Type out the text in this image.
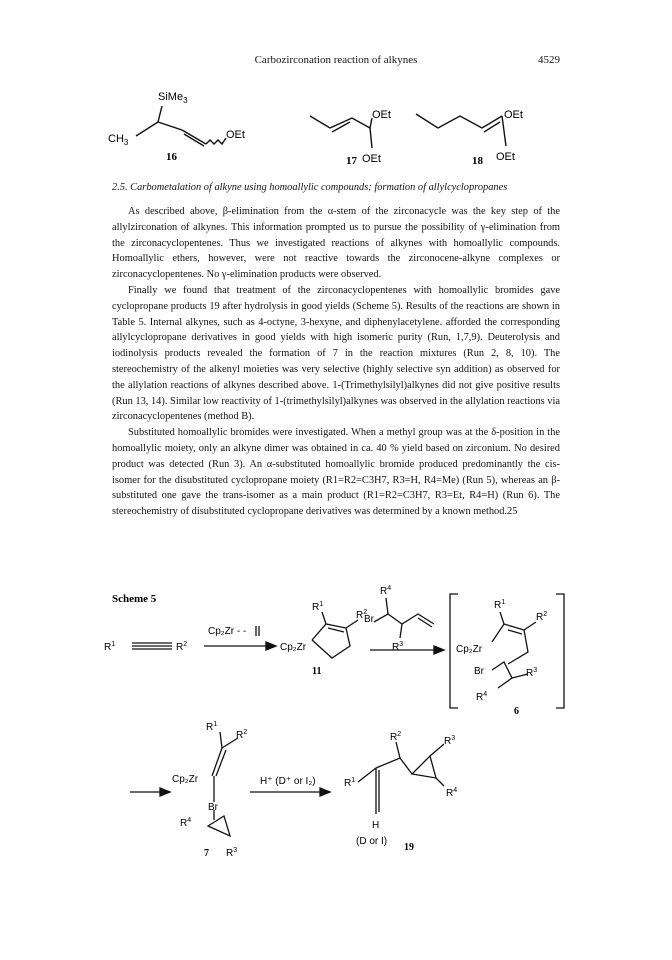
Carbozirconation reaction of alkynes	4529
SiMe$_3$
$CH_3$
OEt
16
OEt
OEt
17
OEt
OEt
18
2.5. Carbometalation of alkyne using homoallylic compounds; formation of allylcyclopropanes

As described above, β-elimination from the α-stem of the zirconacycle was the key step of the allylzirconation of alkynes. This information prompted us to pursue the possibility of γ-elimination from the zirconacyclopentenes. Thus we investigated reactions of alkynes with homoallylic compounds. Homoallylic ethers, however, were not reactive towards the zirconocene-alkyne complexes or zirconacyclopentenes. No γ-elimination products were observed.

Finally we found that treatment of the zirconacyclopentenes with homoallylic bromides gave cyclopropane products 19 after hydrolysis in good yields (Scheme 5). Results of the reactions are shown in Table 5. Internal alkynes, such as 4-octyne, 3-hexyne, and diphenylacetylene. afforded the corresponding allylcyclopropane derivatives in good yields with high isomeric purity (Run, 1,7,9). Deuterolysis and iodinolysis products revealed the formation of 7 in the reaction mixtures (Run 2, 8, 10). The stereochemistry of the alkenyl moieties was very selective (highly selective syn addition) as observed for the allylation reactions of alkynes described above. 1-(Trimethylsilyl)alkynes did not give positive results (Run 13, 14). Similar low reactivity of 1-(trimethylsilyl)alkynes was observed in the allylation reactions via zirconacyclopentenes (method B).

Substituted homoallylic bromides were investigated. When a methyl group was at the δ-position in the homoallylic moiety, only an alkyne dimer was obtained in ca. 40 % yield based on zirconium. No desired product was detected (Run 3). An α-substituted homoallylic bromide produced predominantly the cis-isomer for the disubstituted cyclopropane moiety (R1=R2=C3H7, R3=H, R4=Me) (Run 5), whereas an β-substituted one gave the trans-isomer as a main product (R1=R2=C3H7, R3=Et, R4=H) (Run 6). The stereochemistry of disubstituted cyclopropane derivatives was determined by a known method.25

Scheme 5
$R^1$	$R^2$
Cp₂Zr - -
Cp₂Zr
$R^1$
$R^2$
11
Br
$R^4$
$R^3$	Cp₂Zr
$R^1$
$R^2$
Br	$R^3$
$R^4$
6
$R^1$
$R^2$
Cp₂Zr
Br
$R^4$
7 $R^3$
H⁺ (D⁺ or I₂)	$R^1$
$R^2$
$R^3$
$R^4$
H
(D or I)
19
